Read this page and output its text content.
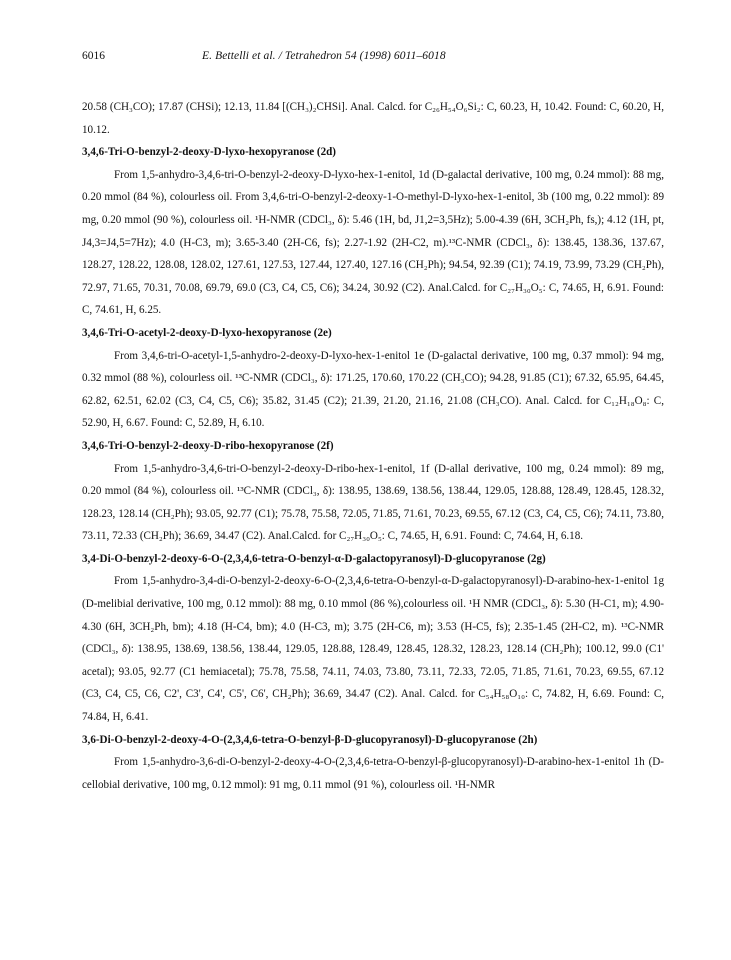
6016	E. Bettelli et al. / Tetrahedron 54 (1998) 6011–6018

20.58 (CH₃CO); 17.87 (CHSi); 12.13, 11.84 [(CH₃)₂CHSi]. Anal. Calcd. for C₂₆H₅₄O₆Si₂: C, 60.23, H, 10.42. Found: C, 60.20, H, 10.12.

3,4,6-Tri-O-benzyl-2-deoxy-D-lyxo-hexopyranose (2d)

From 1,5-anhydro-3,4,6-tri-O-benzyl-2-deoxy-D-lyxo-hex-1-enitol, 1d (D-galactal derivative, 100 mg, 0.24 mmol): 88 mg, 0.20 mmol (84 %), colourless oil. From 3,4,6-tri-O-benzyl-2-deoxy-1-O-methyl-D-lyxo-hex-1-enitol, 3b (100 mg, 0.22 mmol): 89 mg, 0.20 mmol (90 %), colourless oil. ¹H-NMR (CDCl₃, δ): 5.46 (1H, bd, J1,2=3,5Hz); 5.00-4.39 (6H, 3CH₂Ph, fs,); 4.12 (1H, pt, J4,3=J4,5=7Hz); 4.0 (H-C3, m); 3.65-3.40 (2H-C6, fs); 2.27-1.92 (2H-C2, m).¹³C-NMR (CDCl₃, δ): 138.45, 138.36, 137.67, 128.27, 128.22, 128.08, 128.02, 127.61, 127.53, 127.44, 127.40, 127.16 (CH₂Ph); 94.54, 92.39 (C1); 74.19, 73.99, 73.29 (CH₂Ph), 72.97, 71.65, 70.31, 70.08, 69.79, 69.0 (C3, C4, C5, C6); 34.24, 30.92 (C2). Anal.Calcd. for C₂₇H₃₀O₅: C, 74.65, H, 6.91. Found: C, 74.61, H, 6.25.

3,4,6-Tri-O-acetyl-2-deoxy-D-lyxo-hexopyranose (2e)

From 3,4,6-tri-O-acetyl-1,5-anhydro-2-deoxy-D-lyxo-hex-1-enitol 1e (D-galactal derivative, 100 mg, 0.37 mmol): 94 mg, 0.32 mmol (88 %), colourless oil. ¹³C-NMR (CDCl₃, δ): 171.25, 170.60, 170.22 (CH₃CO); 94.28, 91.85 (C1); 67.32, 65.95, 64.45, 62.82, 62.51, 62.02 (C3, C4, C5, C6); 35.82, 31.45 (C2); 21.39, 21.20, 21.16, 21.08 (CH₃CO). Anal. Calcd. for C₁₂H₁₈O₈: C, 52.90, H, 6.67. Found: C, 52.89, H, 6.10.

3,4,6-Tri-O-benzyl-2-deoxy-D-ribo-hexopyranose (2f)

From 1,5-anhydro-3,4,6-tri-O-benzyl-2-deoxy-D-ribo-hex-1-enitol, 1f (D-allal derivative, 100 mg, 0.24 mmol): 89 mg, 0.20 mmol (84 %), colourless oil. ¹³C-NMR (CDCl₃, δ): 138.95, 138.69, 138.56, 138.44, 129.05, 128.88, 128.49, 128.45, 128.32, 128.23, 128.14 (CH₂Ph); 93.05, 92.77 (C1); 75.78, 75.58, 72.05, 71.85, 71.61, 70.23, 69.55, 67.12 (C3, C4, C5, C6); 74.11, 73.80, 73.11, 72.33 (CH₂Ph); 36.69, 34.47 (C2). Anal.Calcd. for C₂₇H₃₀O₅: C, 74.65, H, 6.91. Found: C, 74.64, H, 6.18.

3,4-Di-O-benzyl-2-deoxy-6-O-(2,3,4,6-tetra-O-benzyl-α-D-galactopyranosyl)-D-glucopyranose (2g)

From 1,5-anhydro-3,4-di-O-benzyl-2-deoxy-6-O-(2,3,4,6-tetra-O-benzyl-α-D-galactopyranosyl)-D-arabino-hex-1-enitol 1g (D-melibial derivative, 100 mg, 0.12 mmol): 88 mg, 0.10 mmol (86 %),colourless oil. ¹H NMR (CDCl₃, δ): 5.30 (H-C1, m); 4.90-4.30 (6H, 3CH₂Ph, bm); 4.18 (H-C4, bm); 4.0 (H-C3, m); 3.75 (2H-C6, m); 3.53 (H-C5, fs); 2.35-1.45 (2H-C2, m). ¹³C-NMR (CDCl₃, δ): 138.95, 138.69, 138.56, 138.44, 129.05, 128.88, 128.49, 128.45, 128.32, 128.23, 128.14 (CH₂Ph); 100.12, 99.0 (C1' acetal); 93.05, 92.77 (C1 hemiacetal); 75.78, 75.58, 74.11, 74.03, 73.80, 73.11, 72.33, 72.05, 71.85, 71.61, 70.23, 69.55, 67.12 (C3, C4, C5, C6, C2', C3', C4', C5', C6', CH₂Ph); 36.69, 34.47 (C2). Anal. Calcd. for C₅₄H₅₈O₁₀: C, 74.82, H, 6.69. Found: C, 74.84, H, 6.41.

3,6-Di-O-benzyl-2-deoxy-4-O-(2,3,4,6-tetra-O-benzyl-β-D-glucopyranosyl)-D-glucopyranose (2h)

From 1,5-anhydro-3,6-di-O-benzyl-2-deoxy-4-O-(2,3,4,6-tetra-O-benzyl-β-glucopyranosyl)-D-arabino-hex-1-enitol 1h (D-cellobial derivative, 100 mg, 0.12 mmol): 91 mg, 0.11 mmol (91 %), colourless oil. ¹H-NMR
